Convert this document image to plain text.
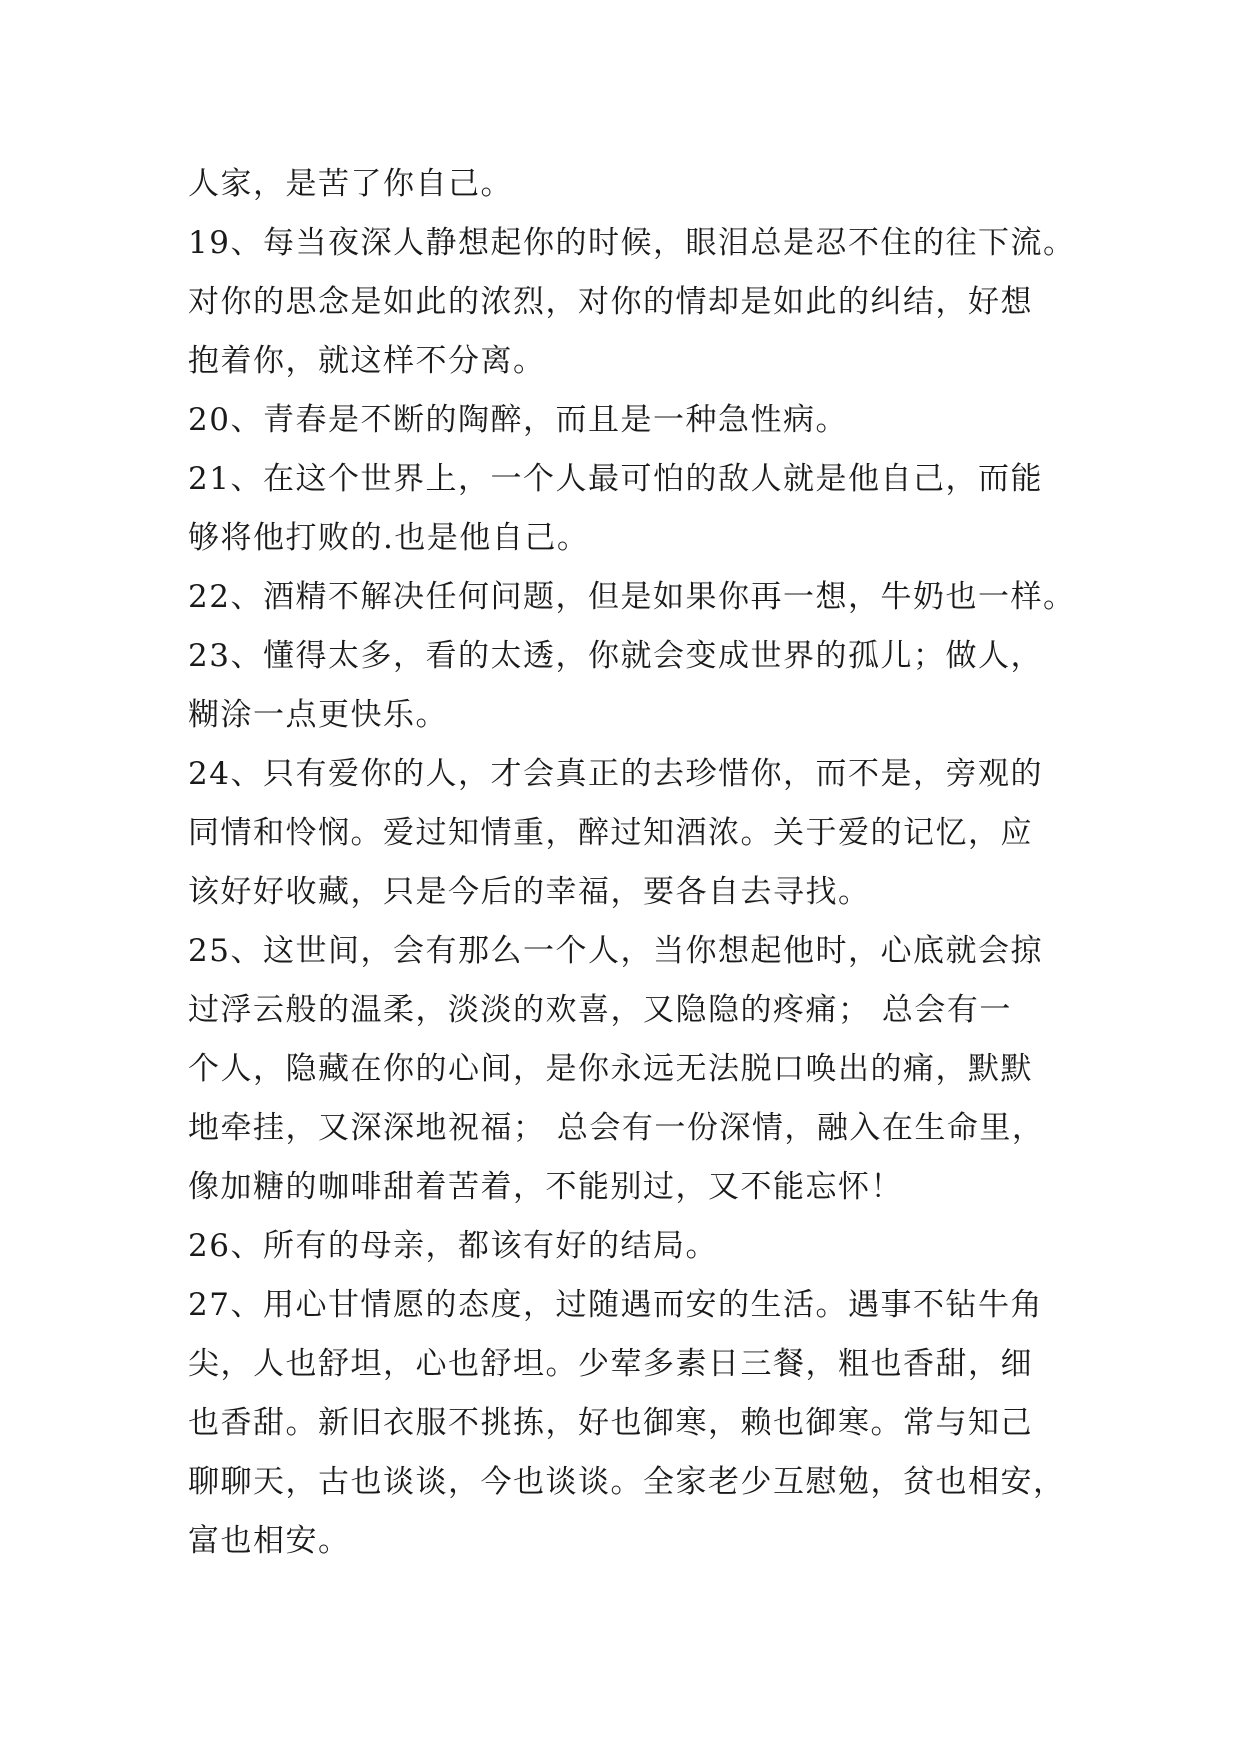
人家，是苦了你自己。
19、每当夜深人静想起你的时候，眼泪总是忍不住的往下流。
对你的思念是如此的浓烈，对你的情却是如此的纠结，好想
抱着你，就这样不分离。
20、青春是不断的陶醉，而且是一种急性病。
21、在这个世界上，一个人最可怕的敌人就是他自己，而能
够将他打败的.也是他自己。
22、酒精不解决任何问题，但是如果你再一想，牛奶也一样。
23、懂得太多，看的太透，你就会变成世界的孤儿；做人，
糊涂一点更快乐。
24、只有爱你的人，才会真正的去珍惜你，而不是，旁观的
同情和怜悯。爱过知情重，醉过知酒浓。关于爱的记忆，应
该好好收藏，只是今后的幸福，要各自去寻找。
25、这世间，会有那么一个人，当你想起他时，心底就会掠
过浮云般的温柔，淡淡的欢喜，又隐隐的疼痛； 总会有一
个人，隐藏在你的心间，是你永远无法脱口唤出的痛，默默
地牵挂，又深深地祝福； 总会有一份深情，融入在生命里，
像加糖的咖啡甜着苦着，不能别过，又不能忘怀！
26、所有的母亲，都该有好的结局。
27、用心甘情愿的态度，过随遇而安的生活。遇事不钻牛角
尖，人也舒坦，心也舒坦。少荤多素日三餐，粗也香甜，细
也香甜。新旧衣服不挑拣，好也御寒，赖也御寒。常与知己
聊聊天，古也谈谈，今也谈谈。全家老少互慰勉，贫也相安，
富也相安。
